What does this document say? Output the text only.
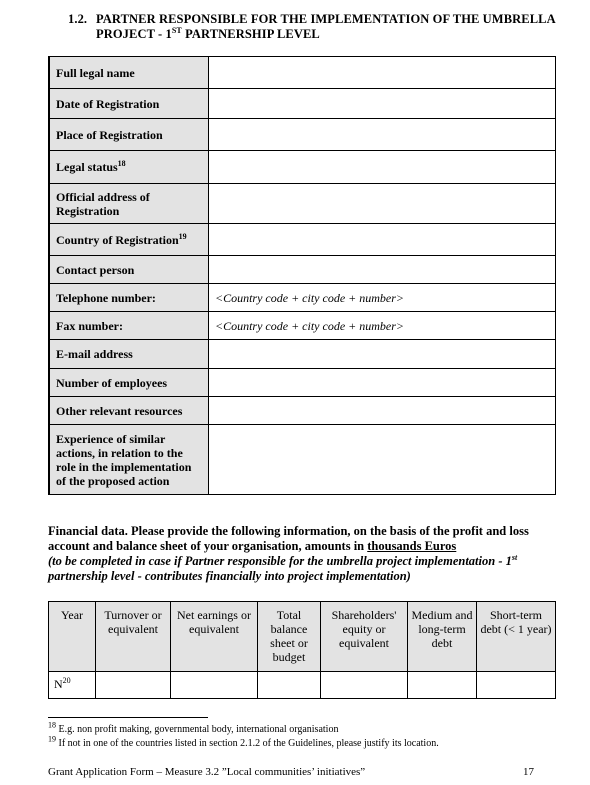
1.2. PARTNER RESPONSIBLE FOR THE IMPLEMENTATION OF THE UMBRELLA
PROJECT - 1ST PARTNERSHIP LEVEL
Full legal name	
Date of Registration	
Place of Registration	
Legal status$^{18}$	
Official address of Registration	
Country of Registration$^{19}$	
Contact person	
Telephone number:	<Country code + city code + number>
Fax number:	<Country code + city code + number>
E-mail address	
Number of employees	
Other relevant resources	
Experience of similar actions, in relation to the role in the implementation of the proposed action	
Financial data. Please provide the following information, on the basis of the profit and loss account and balance sheet of your organisation, amounts in thousands Euros
(to be completed in case if Partner responsible for the umbrella project implementation - 1st partnership level - contributes financially into project implementation)
Year	Turnover or equivalent	Net earnings or equivalent	Total balance sheet or budget	Shareholders' equity or equivalent	Medium and long-term debt	Short-term debt (< 1 year)
$N^{20}$						
$^{18}$ E.g. non profit making, governmental body, international organisation
$^{19}$ If not in one of the countries listed in section 2.1.2 of the Guidelines, please justify its location.
Grant Application Form – Measure 3.2 ”Local communities’ initiatives”	17
